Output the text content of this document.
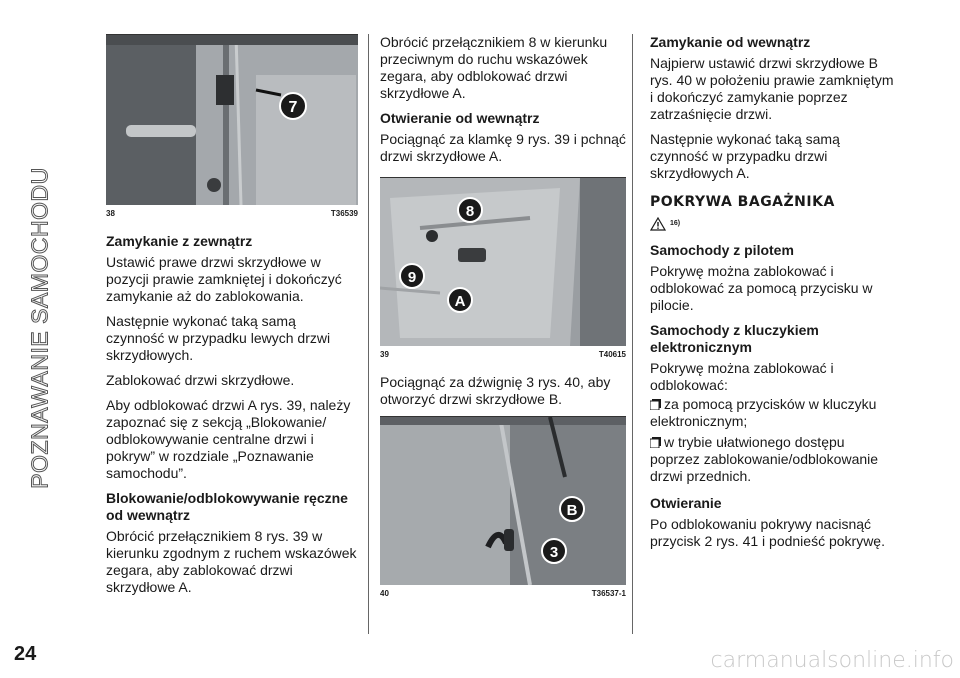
POZNAWANIE SAMOCHODU
24	carmanualsonline.info
7
38	T36539
Zamykanie z zewnątrz

Ustawić prawe drzwi skrzydłowe w pozycji prawie zamkniętej i dokończyć zamykanie aż do zablokowania.

Następnie wykonać taką samą czynność w przypadku lewych drzwi skrzydłowych.

Zablokować drzwi skrzydłowe.

Aby odblokować drzwi A rys. 39, należy zapoznać się z sekcją „Blokowanie/ odblokowywanie centralne drzwi i pokryw” w rozdziale „Poznawanie samochodu”.

Blokowanie/odblokowywanie ręczne od wewnątrz

Obrócić przełącznikiem 8 rys. 39 w kierunku zgodnym z ruchem wskazówek zegara, aby zablokować drzwi skrzydłowe A.

Obrócić przełącznikiem 8 w kierunku przeciwnym do ruchu wskazówek zegara, aby odblokować drzwi skrzydłowe A.

Otwieranie od wewnątrz

Pociągnąć za klamkę 9 rys. 39 i pchnąć drzwi skrzydłowe A.

8
9
A
39	T40615

Pociągnąć za dźwignię 3 rys. 40, aby otworzyć drzwi skrzydłowe B.

B
3
40	T36537-1
Zamykanie od wewnątrz

Najpierw ustawić drzwi skrzydłowe B rys. 40 w położeniu prawie zamkniętym i dokończyć zamykanie poprzez zatrzaśnięcie drzwi.

Następnie wykonać taką samą czynność w przypadku drzwi skrzydłowych A.

POKRYWA BAGAŻNIKA
16)
Samochody z pilotem

Pokrywę można zablokować i odblokować za pomocą przycisku w pilocie.

Samochody z kluczykiem elektronicznym

Pokrywę można zablokować i odblokować:

za pomocą przycisków w kluczyku
elektronicznym;
w trybie ułatwionego dostępu
poprzez zablokowanie/odblokowanie
drzwi przednich.
Otwieranie

Po odblokowaniu pokrywy nacisnąć przycisk 2 rys. 41 i podnieść pokrywę.
